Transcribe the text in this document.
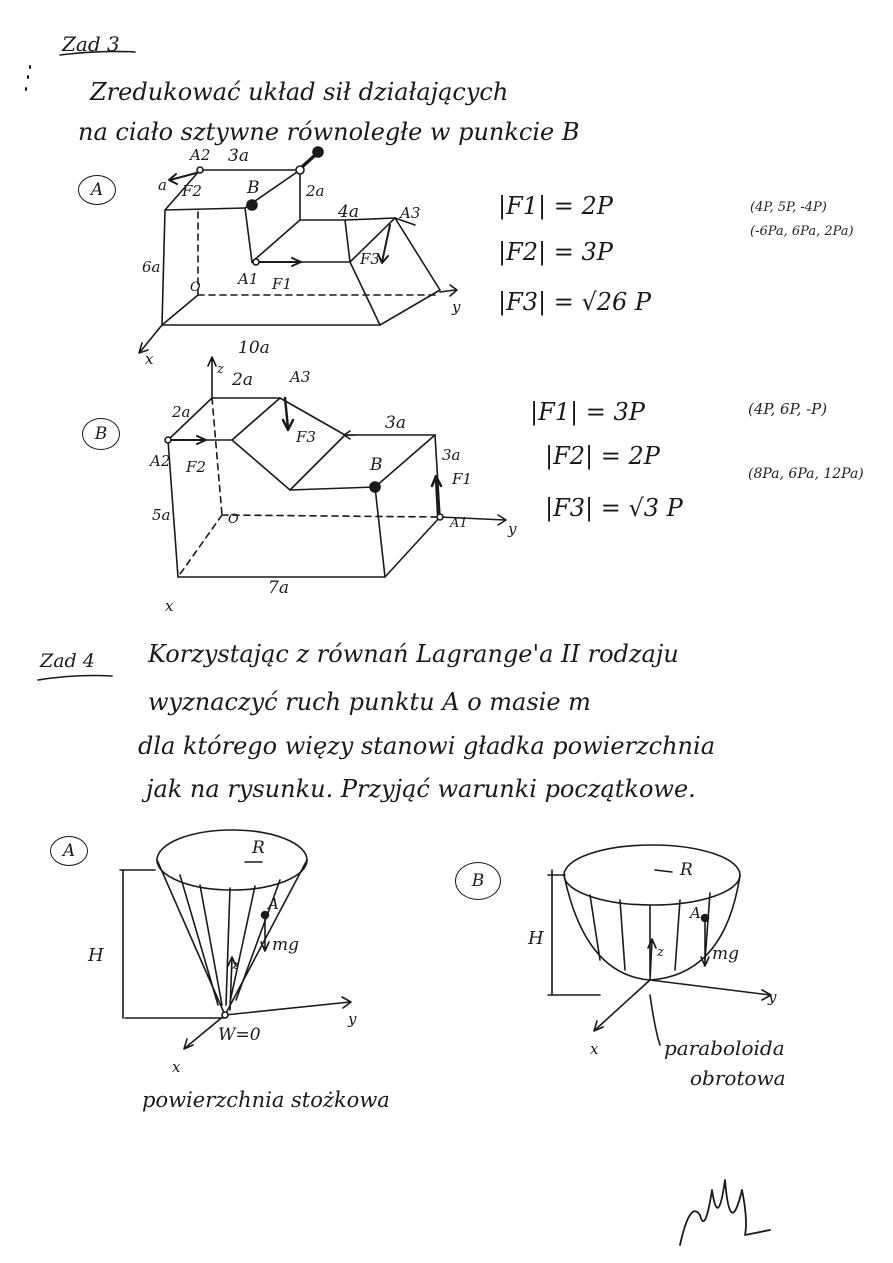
Zad 3
Zredukować układ sił działających
na ciało sztywne równoległe w punkcie B
A
A2 3a
a F2	B	2a
4a	A3
F3
6a
A1 F1
O
y
10a
x
|F1| = 2P
|F2| = 3P
|F3| = √26 P
(4P, 5P, -4P)
(-6Pa, 6Pa, 2Pa)
B
z
2a A3
2a
F3
3a
A2 F2
3a
F1
B
5a	O	A1	y
7a
x
|F1| = 3P
|F2| = 2P
|F3| = √3 P
(4P, 6P, -P)
(8Pa, 6Pa, 12Pa)
Zad 4 Korzystając z równań Lagrange'a II rodzaju
wyznaczyć ruch punktu A o masie m
dla którego więzy stanowi gładka powierzchnia
jak na rysunku. Przyjąć warunki początkowe.
A	R
A
mg
H	z
W=0
y
x
powierzchnia stożkowa
B
R
A
mg
H
z
y
x	paraboloida
obrotowa
